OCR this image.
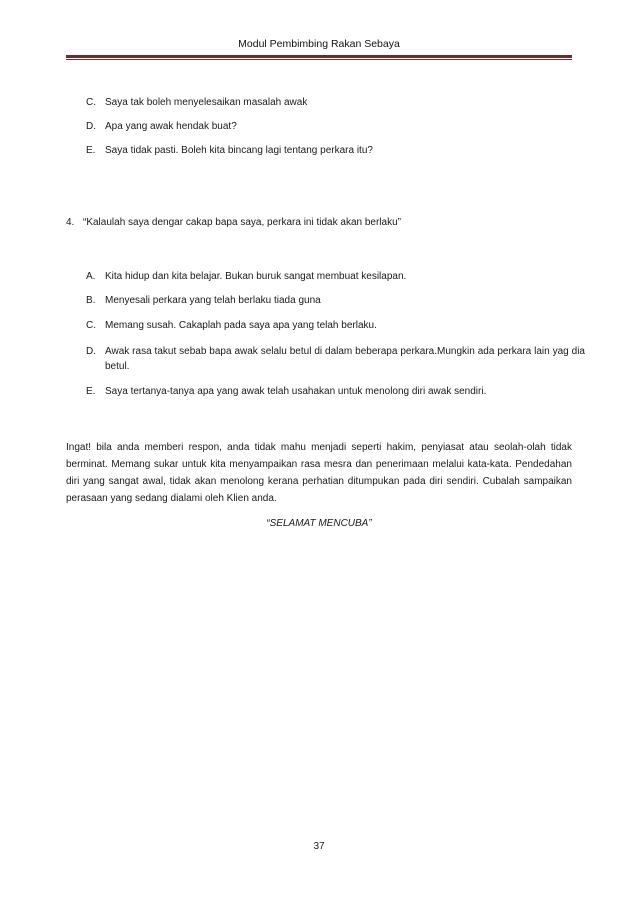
Modul Pembimbing Rakan Sebaya
C. Saya tak boleh menyelesaikan masalah awak
D. Apa yang awak hendak buat?
E. Saya tidak pasti. Boleh kita bincang lagi tentang perkara itu?
4. “Kalaulah saya dengar cakap bapa saya, perkara ini tidak akan berlaku”
A. Kita hidup dan kita belajar. Bukan buruk sangat membuat kesilapan.
B. Menyesali perkara yang telah berlaku tiada guna
C. Memang susah. Cakaplah pada saya apa yang telah berlaku.
D. Awak rasa takut sebab bapa awak selalu betul di dalam beberapa perkara.Mungkin ada perkara lain yag dia betul.
E. Saya tertanya-tanya apa yang awak telah usahakan untuk menolong diri awak sendiri.

Ingat! bila anda memberi respon, anda tidak mahu menjadi seperti hakim, penyiasat atau seolah-olah tidak berminat. Memang sukar untuk kita menyampaikan rasa mesra dan penerimaan melalui kata-kata. Pendedahan diri yang sangat awal, tidak akan menolong kerana perhatian ditumpukan pada diri sendiri. Cubalah sampaikan perasaan yang sedang dialami oleh Klien anda.

“SELAMAT MENCUBA”
37
